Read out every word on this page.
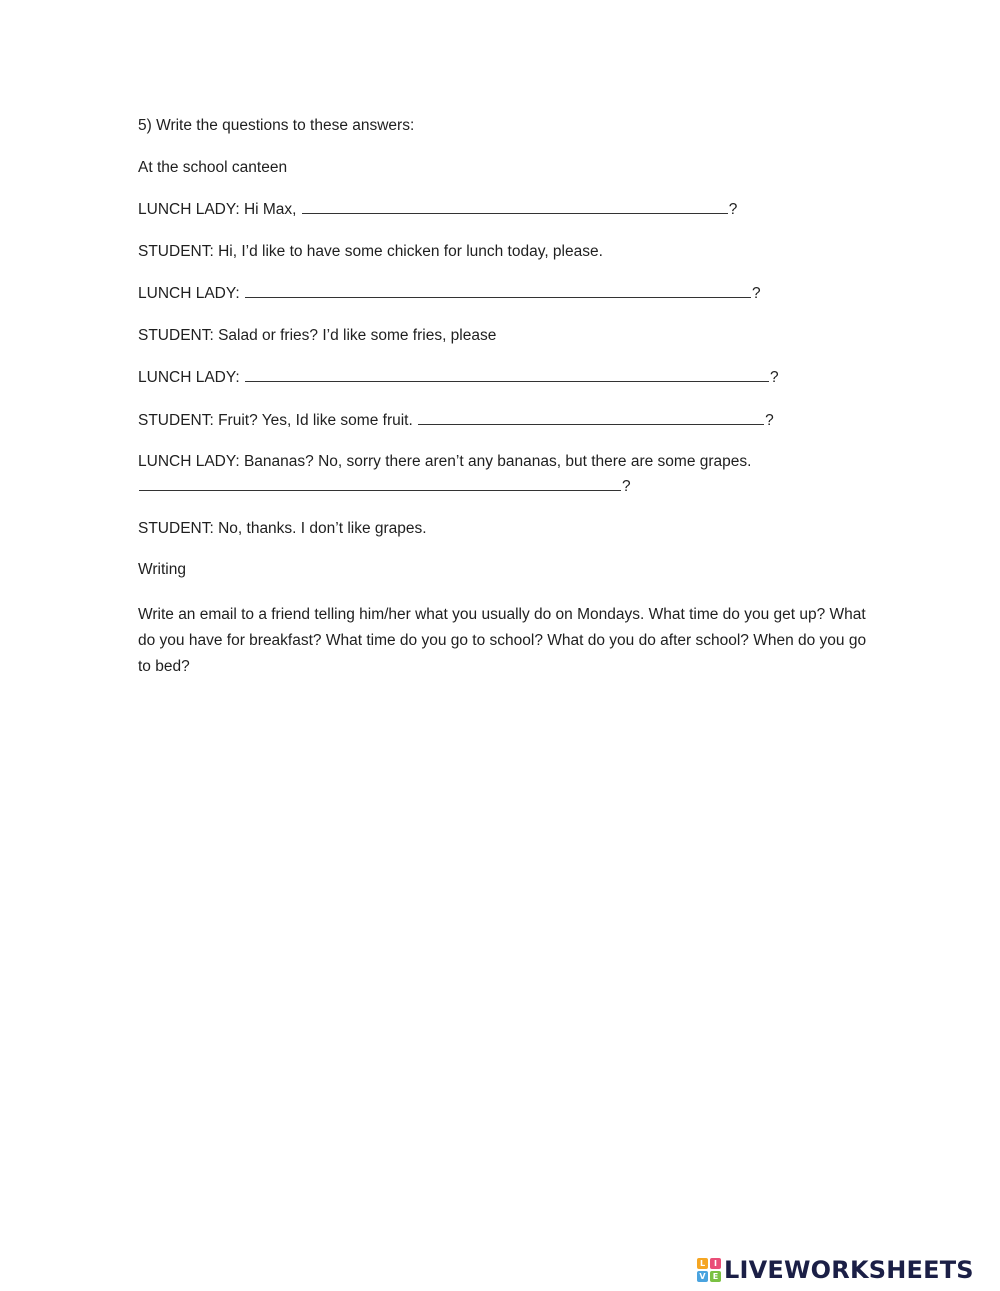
5) Write the questions to these answers:

At the school canteen

LUNCH LADY: Hi Max,	?

STUDENT: Hi, I’d like to have some chicken for lunch today, please.

LUNCH LADY:	?

STUDENT: Salad or fries? I’d like some fries, please

LUNCH LADY:	?

STUDENT: Fruit? Yes, Id like some fruit.	?

LUNCH LADY: Bananas? No, sorry there aren’t any bananas, but there are some grapes.

?

STUDENT: No, thanks. I don’t like grapes.

Writing

Write an email to a friend telling him/her what you usually do on Mondays. What time do you get up? What do you have for breakfast? What time do you go to school? What do you do after school? When do you go to bed?

L	I
V E LIVEWORKSHEETS
